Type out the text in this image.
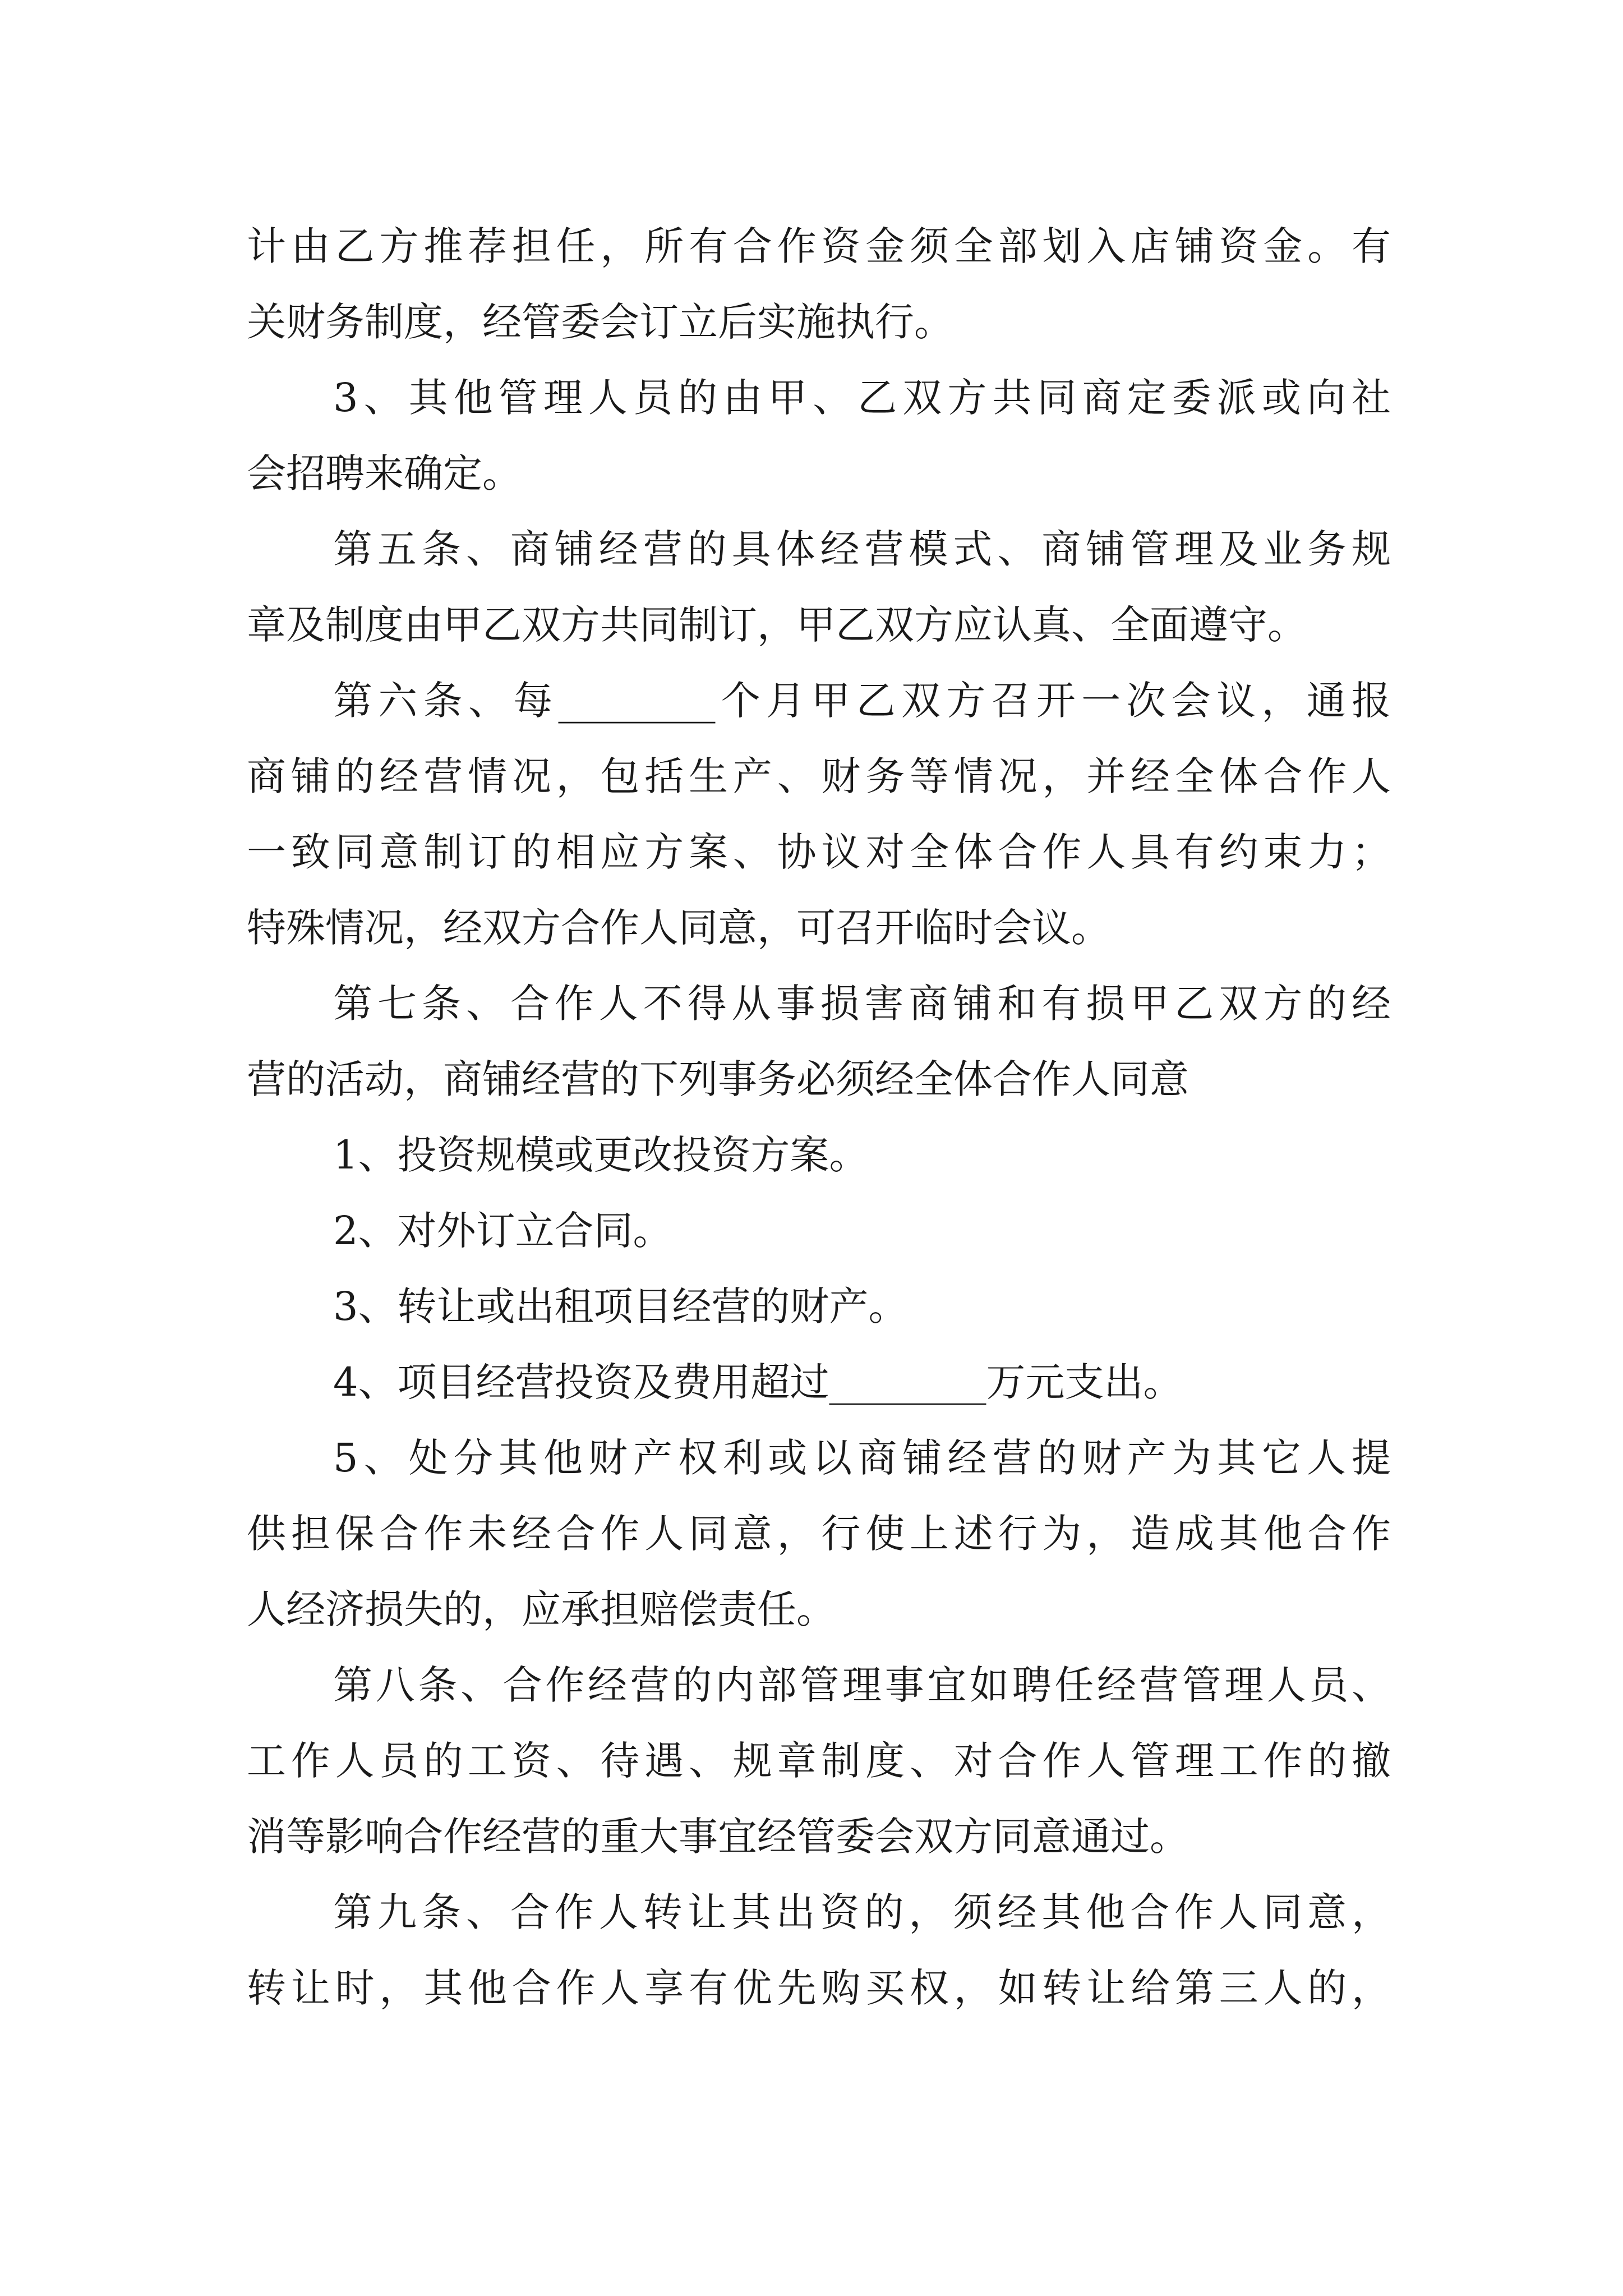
计由乙方推荐担任，所有合作资金须全部划入店铺资金。有
关财务制度，经管委会订立后实施执行。
3、其他管理人员的由甲、乙双方共同商定委派或向社
会招聘来确定。
第五条、商铺经营的具体经营模式、商铺管理及业务规
章及制度由甲乙双方共同制订，甲乙双方应认真、全面遵守。
第六条、每________个月甲乙双方召开一次会议，通报
商铺的经营情况，包括生产、财务等情况，并经全体合作人
一致同意制订的相应方案、协议对全体合作人具有约束力；
特殊情况，经双方合作人同意，可召开临时会议。
第七条、合作人不得从事损害商铺和有损甲乙双方的经
营的活动，商铺经营的下列事务必须经全体合作人同意
1、投资规模或更改投资方案。
2、对外订立合同。
3、转让或出租项目经营的财产。
4、项目经营投资及费用超过________万元支出。
5、处分其他财产权利或以商铺经营的财产为其它人提
供担保合作未经合作人同意，行使上述行为，造成其他合作
人经济损失的，应承担赔偿责任。
第八条、合作经营的内部管理事宜如聘任经营管理人员、
工作人员的工资、待遇、规章制度、对合作人管理工作的撤
消等影响合作经营的重大事宜经管委会双方同意通过。
第九条、合作人转让其出资的，须经其他合作人同意，
转让时，其他合作人享有优先购买权，如转让给第三人的，
